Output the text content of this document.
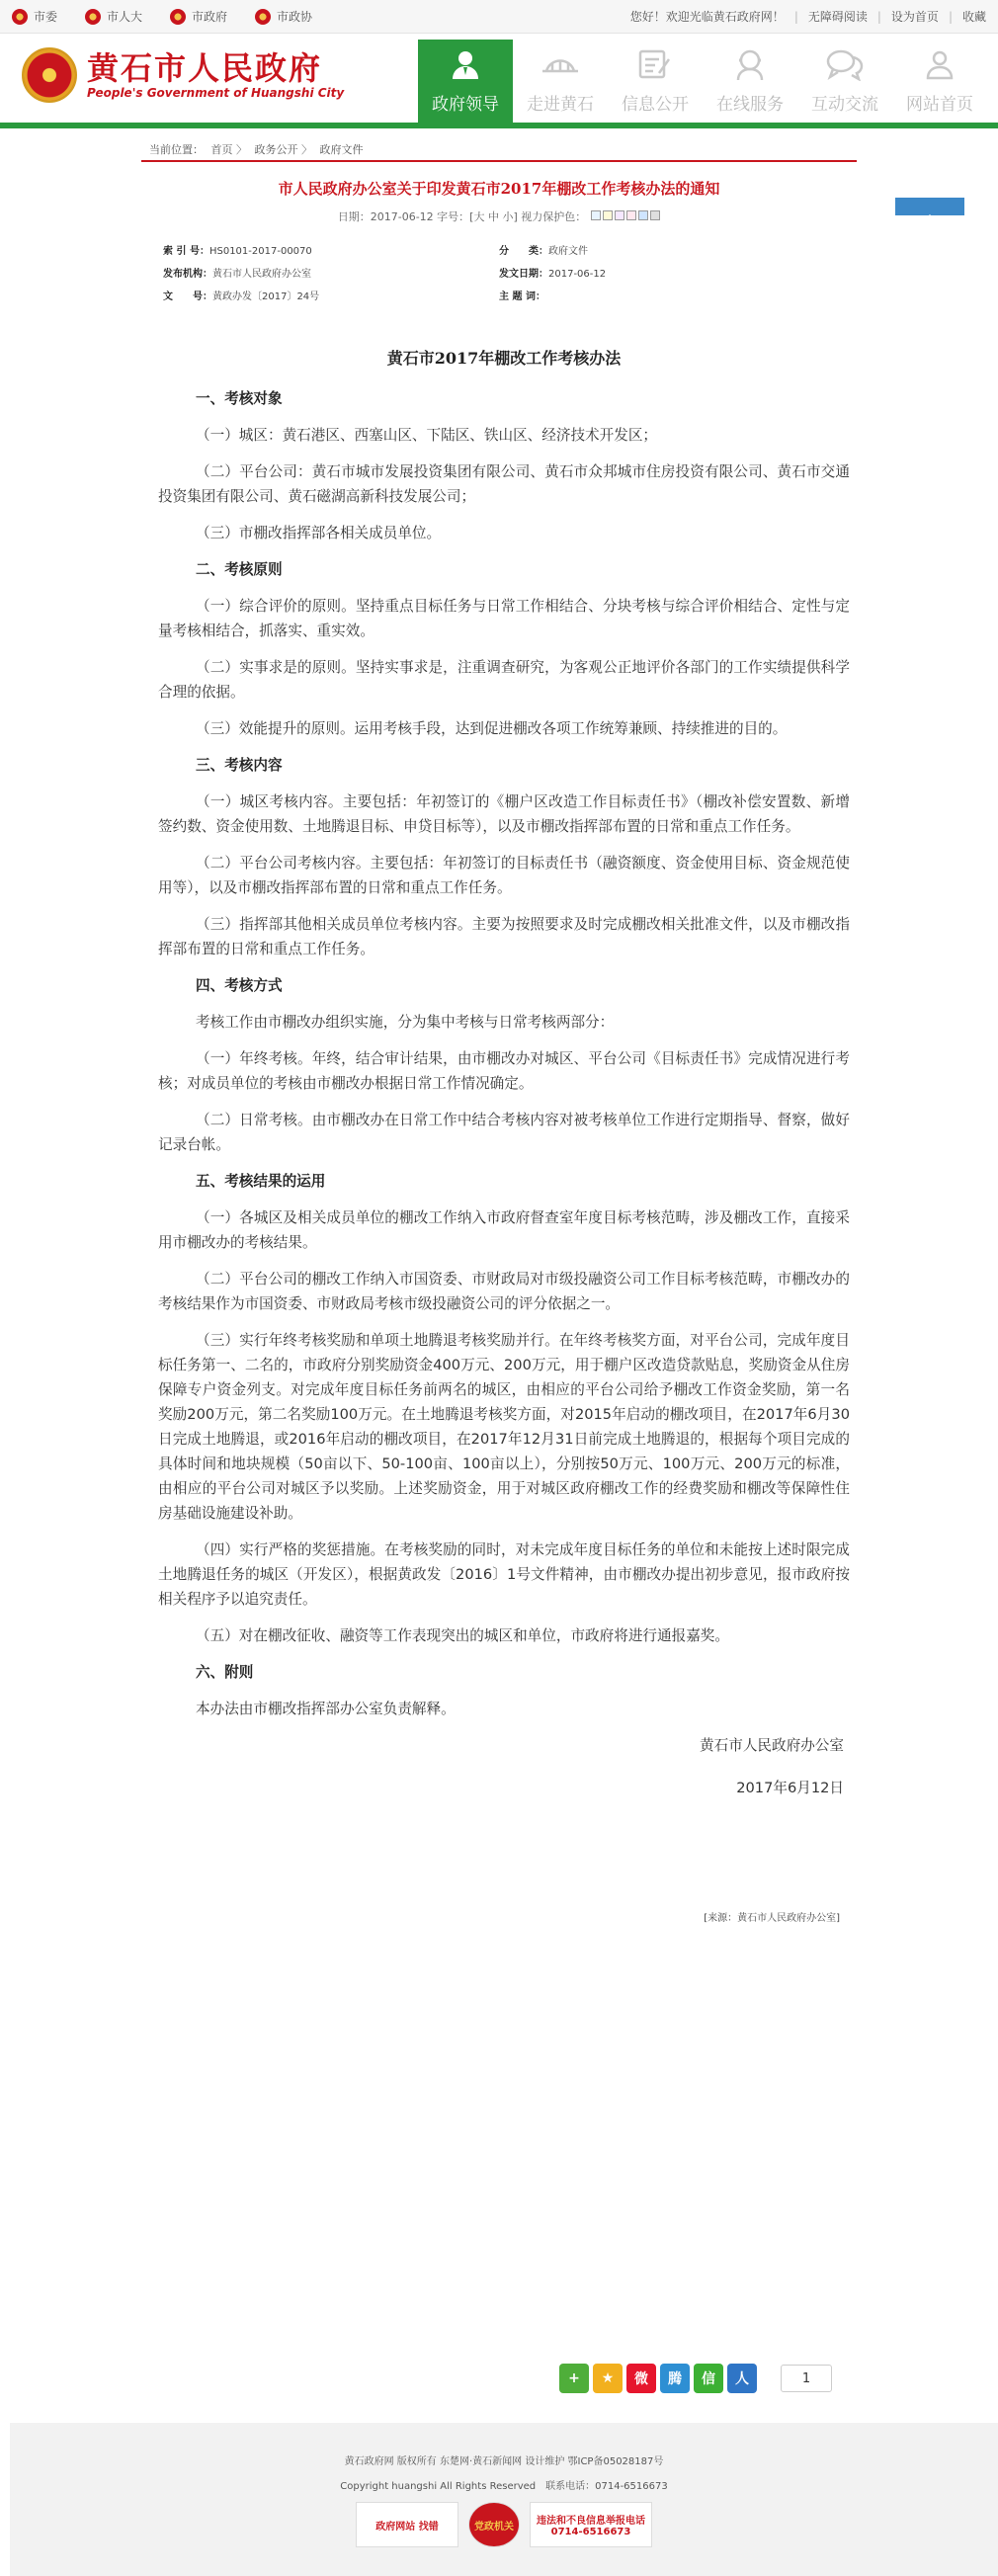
市委	市人大	市政府	市政协	您好！欢迎光临黄石政府网！ | 无障碍阅读 | 设为首页 | 收藏
黄石市人民政府
People's Government of Huangshi City
政府领导 走进黄石 信息公开 在线服务 互动交流 网站首页
当前位置： 首页 〉 政务公开 〉 政府文件
市人民政府办公室关于印发黄石市2017年棚改工作考核办法的通知
日期：2017-06-12 字号：[大 中 小] 视力保护色：
索 引 号：HS0101-2017-00070	分　　类：政府文件
发布机构：黄石市人民政府办公室	发文日期：2017-06-12
文　　号：黄政办发〔2017〕24号	主 题 词：
黄石市2017年棚改工作考核办法
一、考核对象
（一）城区：黄石港区、西塞山区、下陆区、铁山区、经济技术开发区；
（二）平台公司：黄石市城市发展投资集团有限公司、黄石市众邦城市住房投资有限公司、黄石市交通投资集团有限公司、黄石磁湖高新科技发展公司；
（三）市棚改指挥部各相关成员单位。
二、考核原则
（一）综合评价的原则。坚持重点目标任务与日常工作相结合、分块考核与综合评价相结合、定性与定量考核相结合，抓落实、重实效。
（二）实事求是的原则。坚持实事求是，注重调查研究，为客观公正地评价各部门的工作实绩提供科学合理的依据。
（三）效能提升的原则。运用考核手段，达到促进棚改各项工作统筹兼顾、持续推进的目的。
三、考核内容
（一）城区考核内容。主要包括：年初签订的《棚户区改造工作目标责任书》（棚改补偿安置数、新增签约数、资金使用数、土地腾退目标、申贷目标等），以及市棚改指挥部布置的日常和重点工作任务。
（二）平台公司考核内容。主要包括：年初签订的目标责任书（融资额度、资金使用目标、资金规范使用等），以及市棚改指挥部布置的日常和重点工作任务。
（三）指挥部其他相关成员单位考核内容。主要为按照要求及时完成棚改相关批准文件，以及市棚改指挥部布置的日常和重点工作任务。
四、考核方式
考核工作由市棚改办组织实施，分为集中考核与日常考核两部分：
（一）年终考核。年终，结合审计结果，由市棚改办对城区、平台公司《目标责任书》完成情况进行考核；对成员单位的考核由市棚改办根据日常工作情况确定。
（二）日常考核。由市棚改办在日常工作中结合考核内容对被考核单位工作进行定期指导、督察，做好记录台帐。
五、考核结果的运用
（一）各城区及相关成员单位的棚改工作纳入市政府督查室年度目标考核范畴，涉及棚改工作，直接采用市棚改办的考核结果。
（二）平台公司的棚改工作纳入市国资委、市财政局对市级投融资公司工作目标考核范畴，市棚改办的考核结果作为市国资委、市财政局考核市级投融资公司的评分依据之一。
（三）实行年终考核奖励和单项土地腾退考核奖励并行。在年终考核奖方面，对平台公司，完成年度目标任务第一、二名的，市政府分别奖励资金400万元、200万元，用于棚户区改造贷款贴息，奖励资金从住房保障专户资金列支。对完成年度目标任务前两名的城区，由相应的平台公司给予棚改工作资金奖励，第一名奖励200万元，第二名奖励100万元。在土地腾退考核奖方面，对2015年启动的棚改项目，在2017年6月30日完成土地腾退，或2016年启动的棚改项目，在2017年12月31日前完成土地腾退的，根据每个项目完成的具体时间和地块规模（50亩以下、50-100亩、100亩以上），分别按50万元、100万元、200万元的标准，由相应的平台公司对城区予以奖励。上述奖励资金，用于对城区政府棚改工作的经费奖励和棚改等保障性住房基础设施建设补助。
（四）实行严格的奖惩措施。在考核奖励的同时，对未完成年度目标任务的单位和未能按上述时限完成土地腾退任务的城区（开发区），根据黄政发〔2016〕1号文件精神，由市棚改办提出初步意见，报市政府按相关程序予以追究责任。
（五）对在棚改征收、融资等工作表现突出的城区和单位，市政府将进行通报嘉奖。
六、附则
本办法由市棚改指挥部办公室负责解释。

黄石市人民政府办公室

2017年6月12日

[来源：黄石市人民政府办公室]
+	★	微	腾	信	人	1

黄石政府网 版权所有 东楚网·黄石新闻网 设计维护 鄂ICP备05028187号

Copyright huangshi All Rights Reserved　联系电话：0714-6516673

政府网站 找错	党政机关	违法和不良信息举报电话 0714-6516673
